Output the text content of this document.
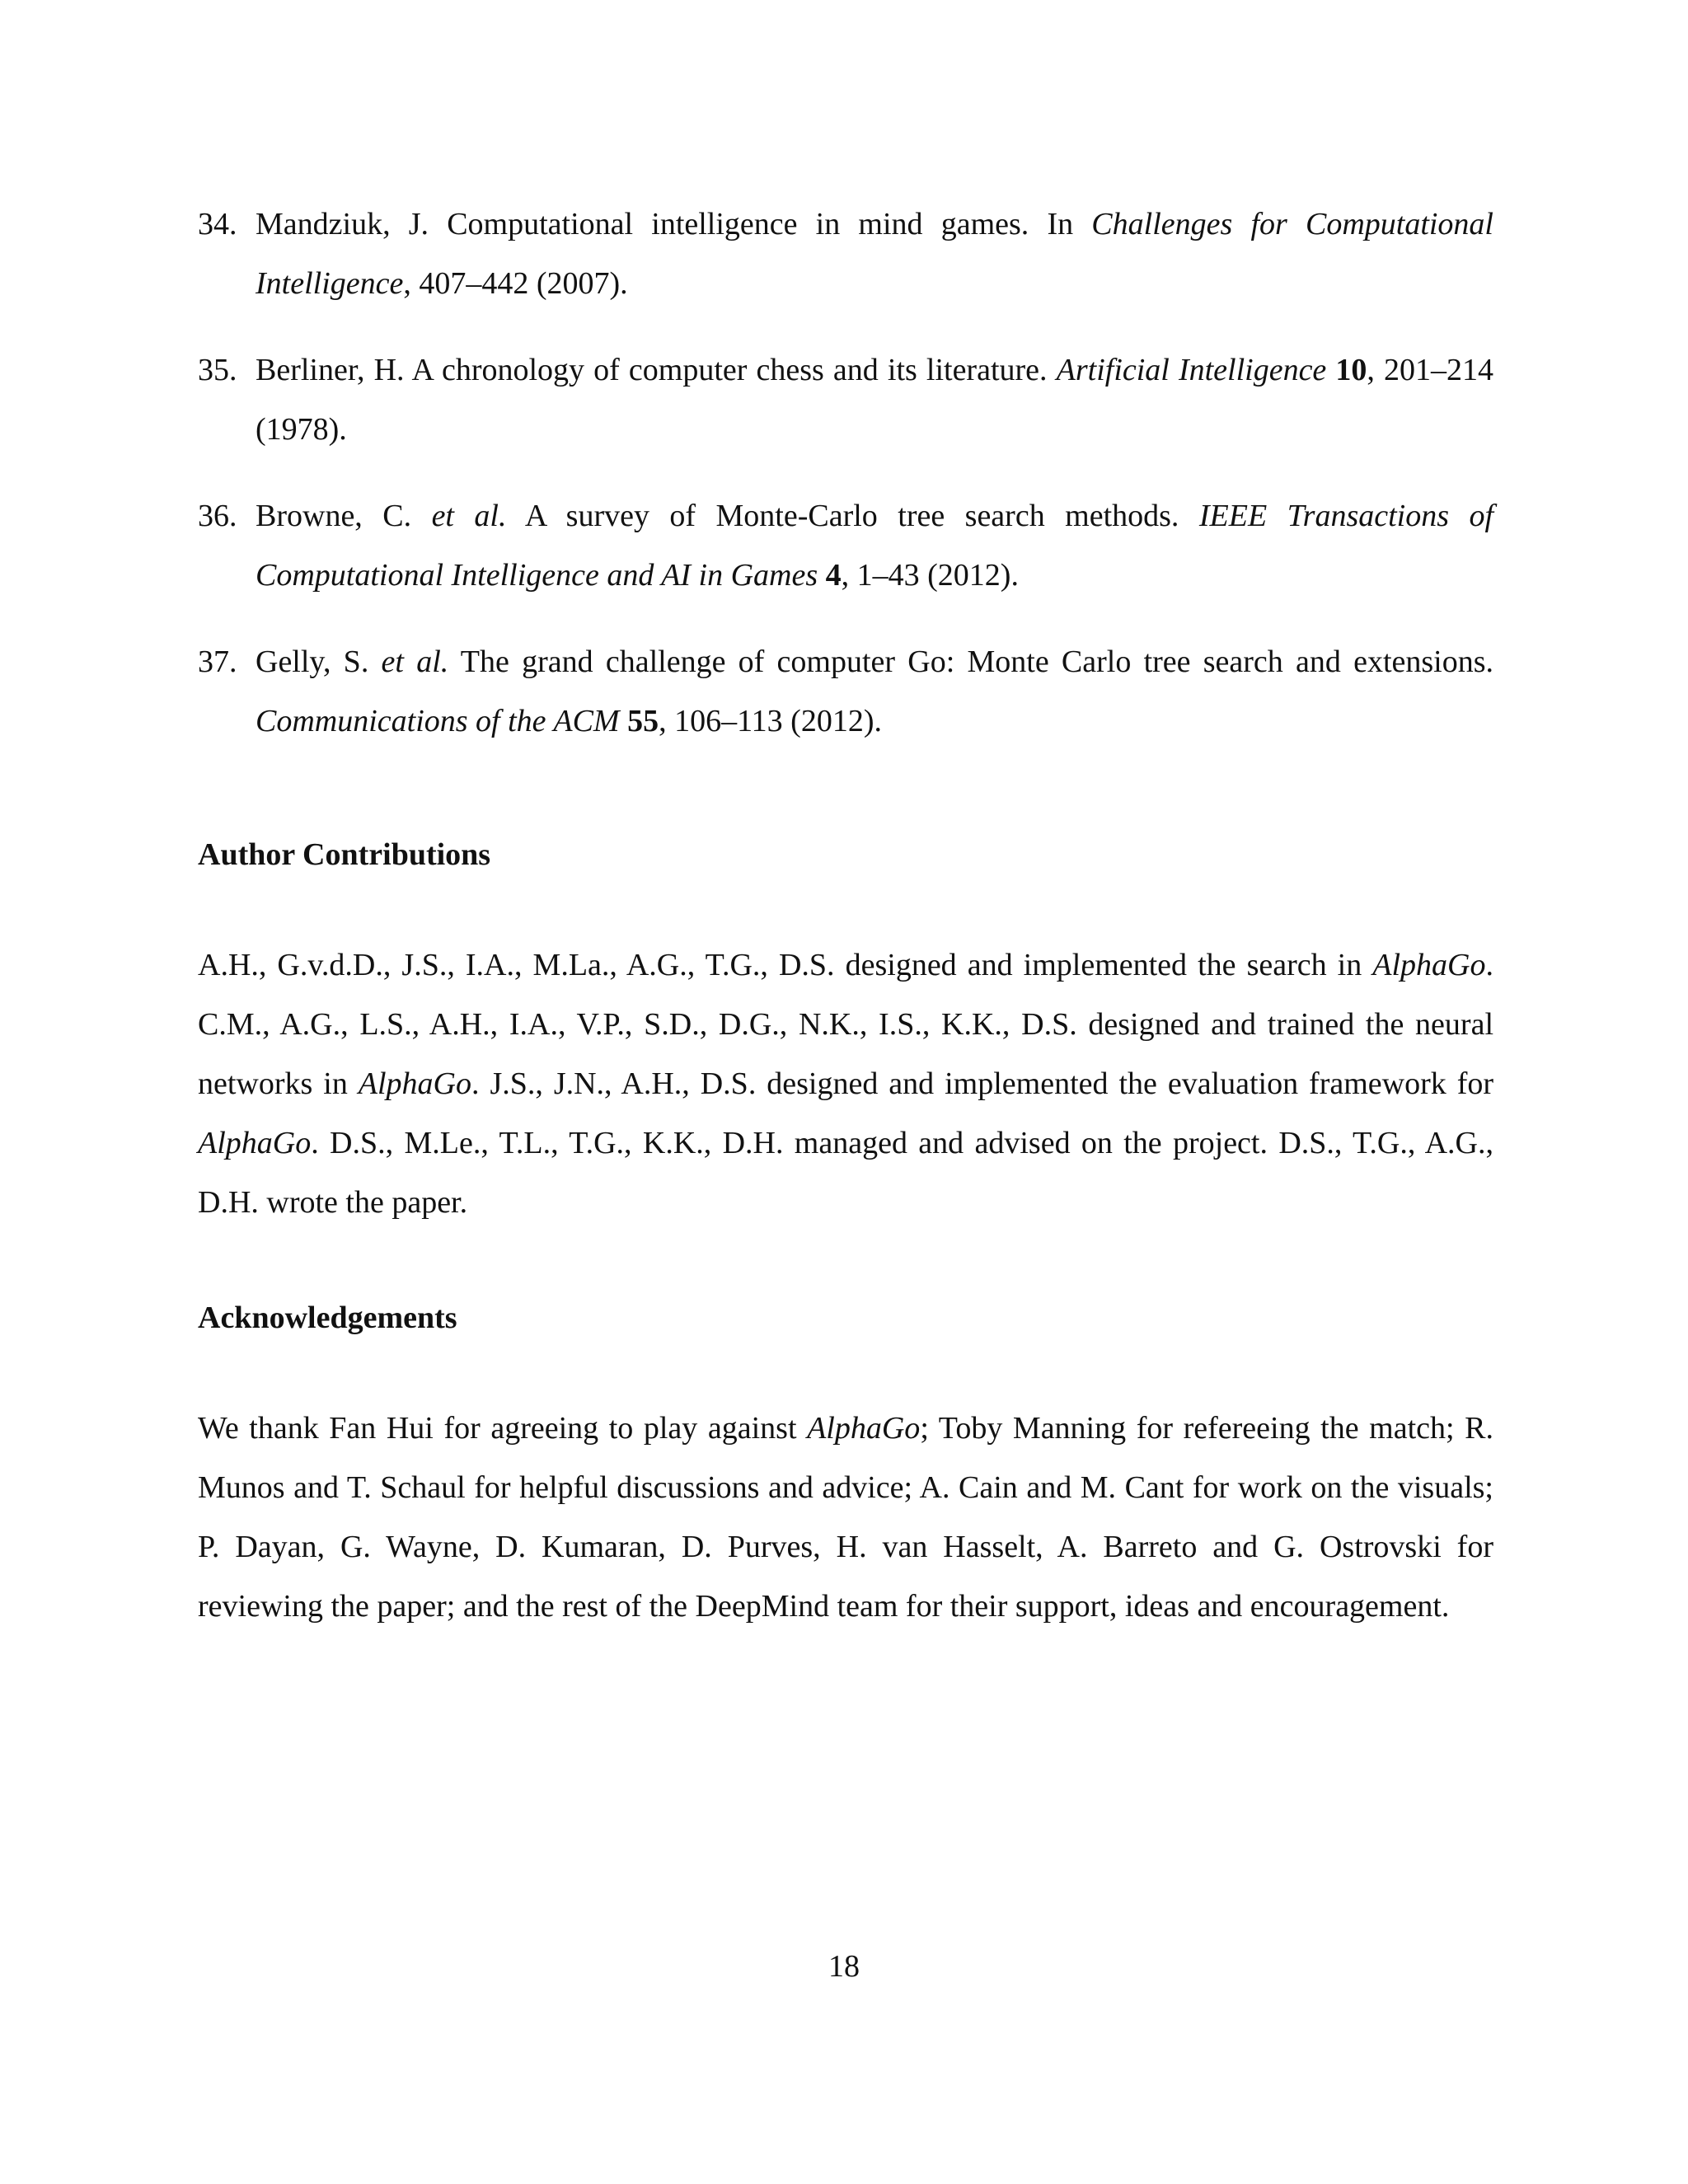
34. Mandziuk, J. Computational intelligence in mind games. In Challenges for Computational Intelligence, 407–442 (2007).
35. Berliner, H. A chronology of computer chess and its literature. Artificial Intelligence 10, 201–214 (1978).
36. Browne, C. et al. A survey of Monte-Carlo tree search methods. IEEE Transactions of Computational Intelligence and AI in Games 4, 1–43 (2012).
37. Gelly, S. et al. The grand challenge of computer Go: Monte Carlo tree search and extensions. Communications of the ACM 55, 106–113 (2012).
Author Contributions

A.H., G.v.d.D., J.S., I.A., M.La., A.G., T.G., D.S. designed and implemented the search in AlphaGo. C.M., A.G., L.S., A.H., I.A., V.P., S.D., D.G., N.K., I.S., K.K., D.S. designed and trained the neural networks in AlphaGo. J.S., J.N., A.H., D.S. designed and implemented the evaluation framework for AlphaGo. D.S., M.Le., T.L., T.G., K.K., D.H. managed and advised on the project. D.S., T.G., A.G., D.H. wrote the paper.

Acknowledgements

We thank Fan Hui for agreeing to play against AlphaGo; Toby Manning for refereeing the match; R. Munos and T. Schaul for helpful discussions and advice; A. Cain and M. Cant for work on the visuals; P. Dayan, G. Wayne, D. Kumaran, D. Purves, H. van Hasselt, A. Barreto and G. Ostrovski for reviewing the paper; and the rest of the DeepMind team for their support, ideas and encouragement.

18
